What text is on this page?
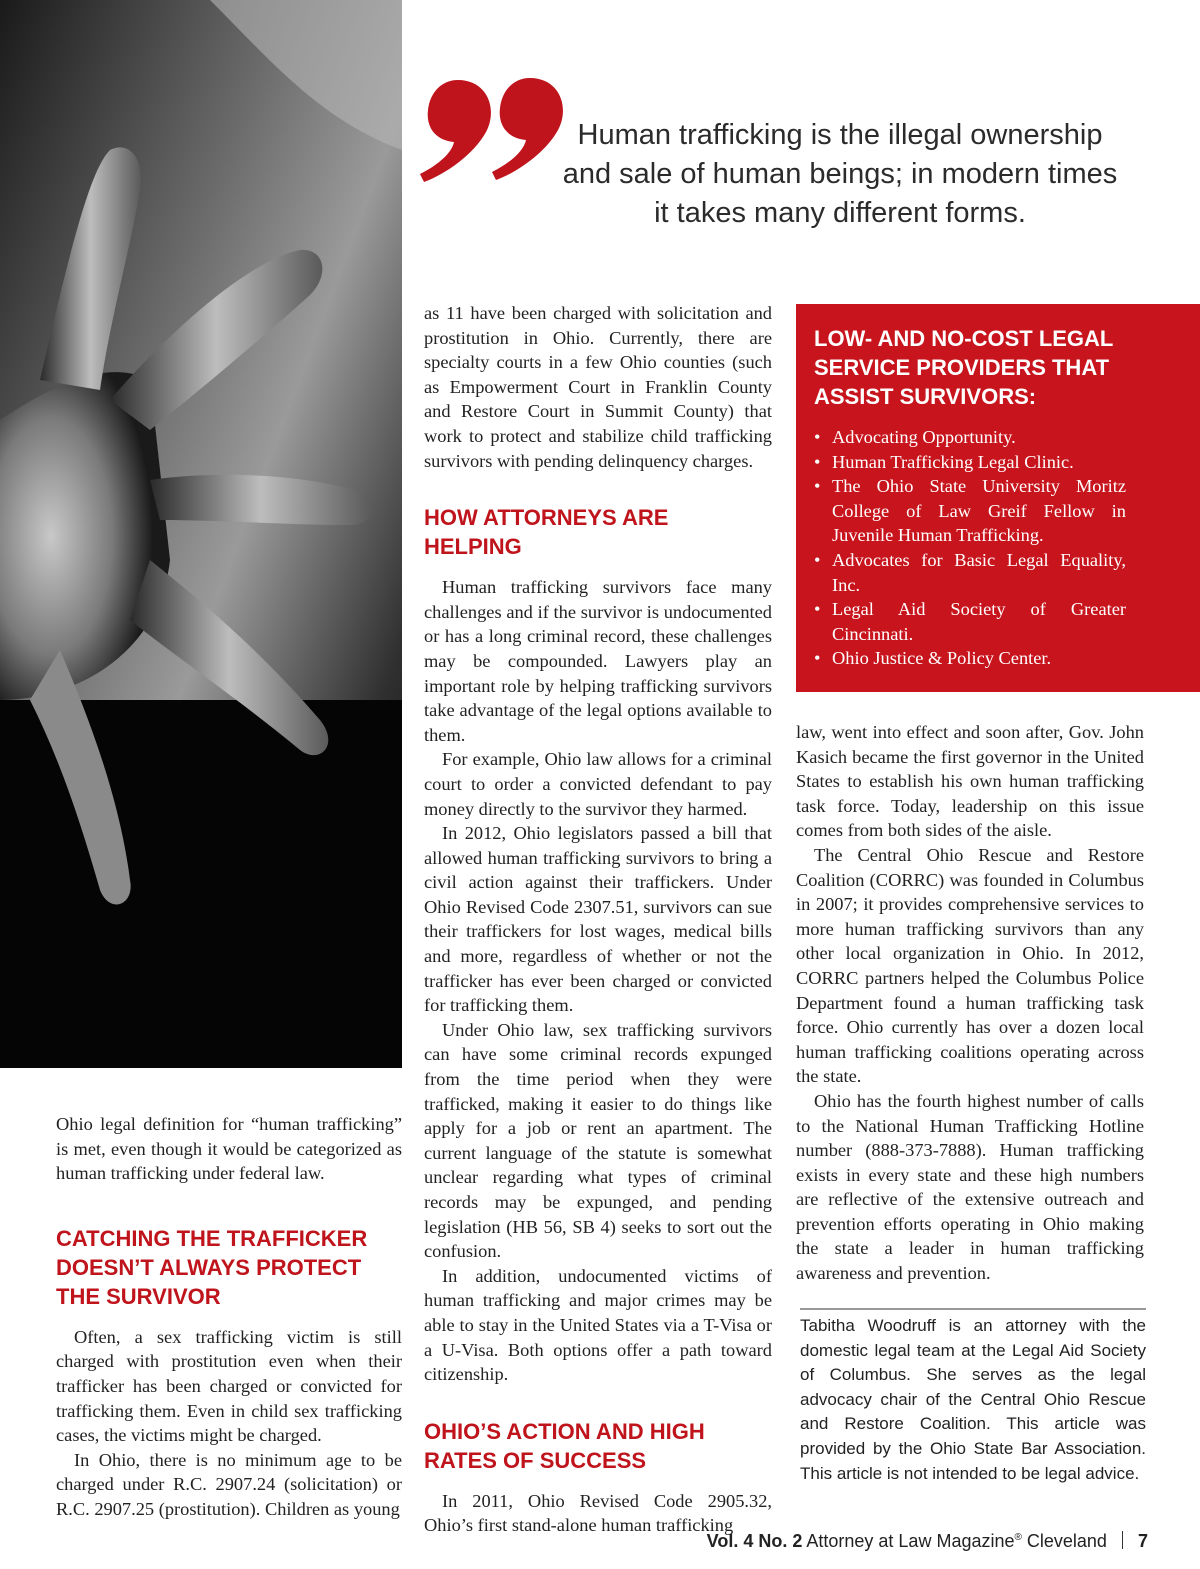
Human trafficking is the illegal ownership and sale of human beings; in modern times it takes many different forms.

Ohio legal definition for “human trafficking” is met, even though it would be categorized as human trafficking under federal law.

CATCHING THE TRAFFICKER DOESN’T ALWAYS PROTECT THE SURVIVOR

Often, a sex trafficking victim is still charged with prostitution even when their trafficker has been charged or convicted for trafficking them. Even in child sex trafficking cases, the victims might be charged.

In Ohio, there is no minimum age to be charged under R.C. 2907.24 (solicitation) or R.C. 2907.25 (prostitution). Children as young

as 11 have been charged with solicitation and prostitution in Ohio. Currently, there are specialty courts in a few Ohio counties (such as Empowerment Court in Franklin County and Restore Court in Summit County) that work to protect and stabilize child trafficking survivors with pending delinquency charges.

HOW ATTORNEYS ARE HELPING

Human trafficking survivors face many challenges and if the survivor is undocumented or has a long criminal record, these challenges may be compounded. Lawyers play an important role by helping trafficking survivors take advantage of the legal options available to them.

For example, Ohio law allows for a criminal court to order a convicted defendant to pay money directly to the survivor they harmed.

In 2012, Ohio legislators passed a bill that allowed human trafficking survivors to bring a civil action against their traffickers. Under Ohio Revised Code 2307.51, survivors can sue their traffickers for lost wages, medical bills and more, regardless of whether or not the trafficker has ever been charged or convicted for trafficking them.

Under Ohio law, sex trafficking survivors can have some criminal records expunged from the time period when they were trafficked, making it easier to do things like apply for a job or rent an apartment. The current language of the statute is somewhat unclear regarding what types of criminal records may be expunged, and pending legislation (HB 56, SB 4) seeks to sort out the confusion.

In addition, undocumented victims of human trafficking and major crimes may be able to stay in the United States via a T-Visa or a U-Visa. Both options offer a path toward citizenship.

OHIO’S ACTION AND HIGH RATES OF SUCCESS

In 2011, Ohio Revised Code 2905.32, Ohio’s first stand-alone human trafficking

LOW- AND NO-COST LEGAL SERVICE PROVIDERS THAT ASSIST SURVIVORS:
• Advocating Opportunity.
• Human Trafficking Legal Clinic.
• The Ohio State University Moritz College of Law Greif Fellow in Juvenile Human Trafficking.
• Advocates for Basic Legal Equality, Inc.
• Legal Aid Society of Greater Cincinnati.
• Ohio Justice & Policy Center.

law, went into effect and soon after, Gov. John Kasich became the first governor in the United States to establish his own human trafficking task force. Today, leadership on this issue comes from both sides of the aisle.

The Central Ohio Rescue and Restore Coalition (CORRC) was founded in Columbus in 2007; it provides comprehensive services to more human trafficking survivors than any other local organization in Ohio. In 2012, CORRC partners helped the Columbus Police Department found a human trafficking task force. Ohio currently has over a dozen local human trafficking coalitions operating across the state.

Ohio has the fourth highest number of calls to the National Human Trafficking Hotline number (888-373-7888). Human trafficking exists in every state and these high numbers are reflective of the extensive outreach and prevention efforts operating in Ohio making the state a leader in human trafficking awareness and prevention.

Tabitha Woodruff is an attorney with the domestic legal team at the Legal Aid Society of Columbus. She serves as the legal advocacy chair of the Central Ohio Rescue and Restore Coalition. This article was provided by the Ohio State Bar Association. This article is not intended to be legal advice.
Vol. 4 No. 2 Attorney at Law Magazine® Cleveland 7
